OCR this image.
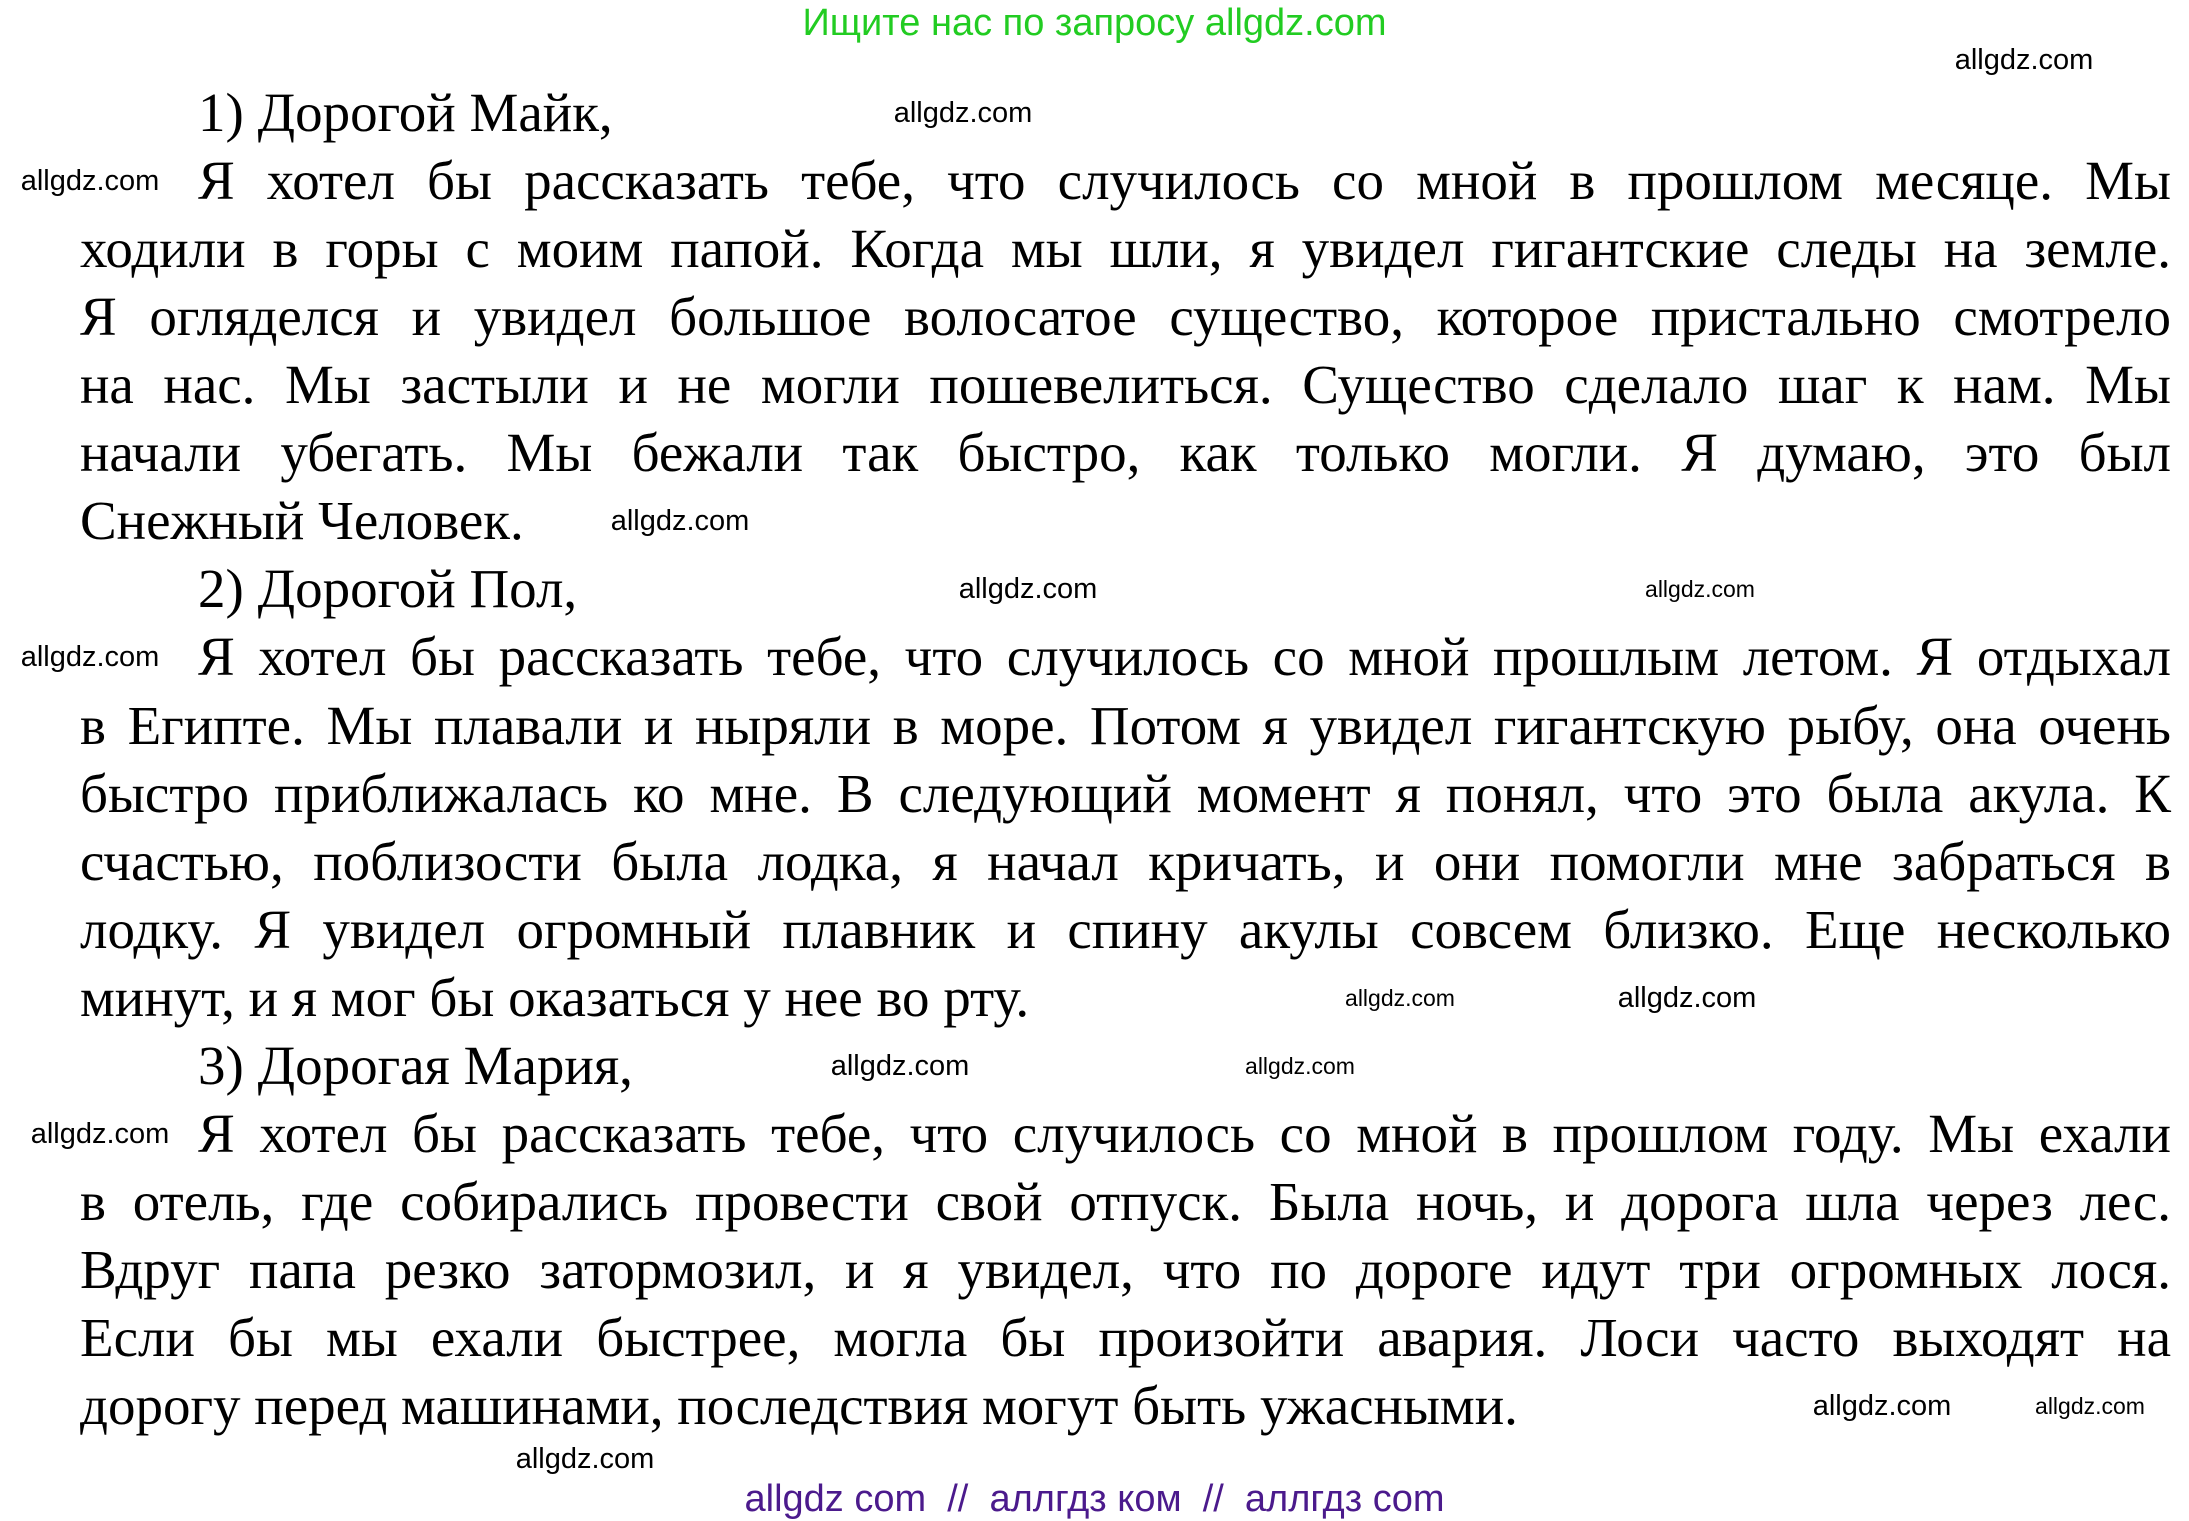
Ищите нас по запросу allgdz.com
1) Дорогой Майк,
Я хотел бы рассказать тебе, что случилось со мной в прошлом месяце. Мы
ходили в горы с моим папой. Когда мы шли, я увидел гигантские следы на земле.
Я огляделся и увидел большое волосатое существо, которое пристально смотрело
на нас. Мы застыли и не могли пошевелиться. Существо сделало шаг к нам. Мы
начали убегать. Мы бежали так быстро, как только могли. Я думаю, это был
Снежный Человек.
2) Дорогой Пол,
Я хотел бы рассказать тебе, что случилось со мной прошлым летом. Я отдыхал
в Египте. Мы плавали и ныряли в море. Потом я увидел гигантскую рыбу, она очень
быстро приближалась ко мне. В следующий момент я понял, что это была акула. К
счастью, поблизости была лодка, я начал кричать, и они помогли мне забраться в
лодку. Я увидел огромный плавник и спину акулы совсем близко. Еще несколько
минут, и я мог бы оказаться у нее во рту.
3) Дорогая Мария,
Я хотел бы рассказать тебе, что случилось со мной в прошлом году. Мы ехали
в отель, где собирались провести свой отпуск. Была ночь, и дорога шла через лес.
Вдруг папа резко затормозил, и я увидел, что по дороге идут три огромных лося.
Если бы мы ехали быстрее, могла бы произойти авария. Лоси часто выходят на
дорогу перед машинами, последствия могут быть ужасными.
allgdz.com
allgdz.com
allgdz.com
allgdz.com
allgdz.com
allgdz.com
allgdz.com
allgdz.com
allgdz.com
allgdz.com
allgdz.com
allgdz.com
allgdz.com
allgdz.com
allgdz.com
allgdz com  //  аллгдз ком  //  аллгдз com
